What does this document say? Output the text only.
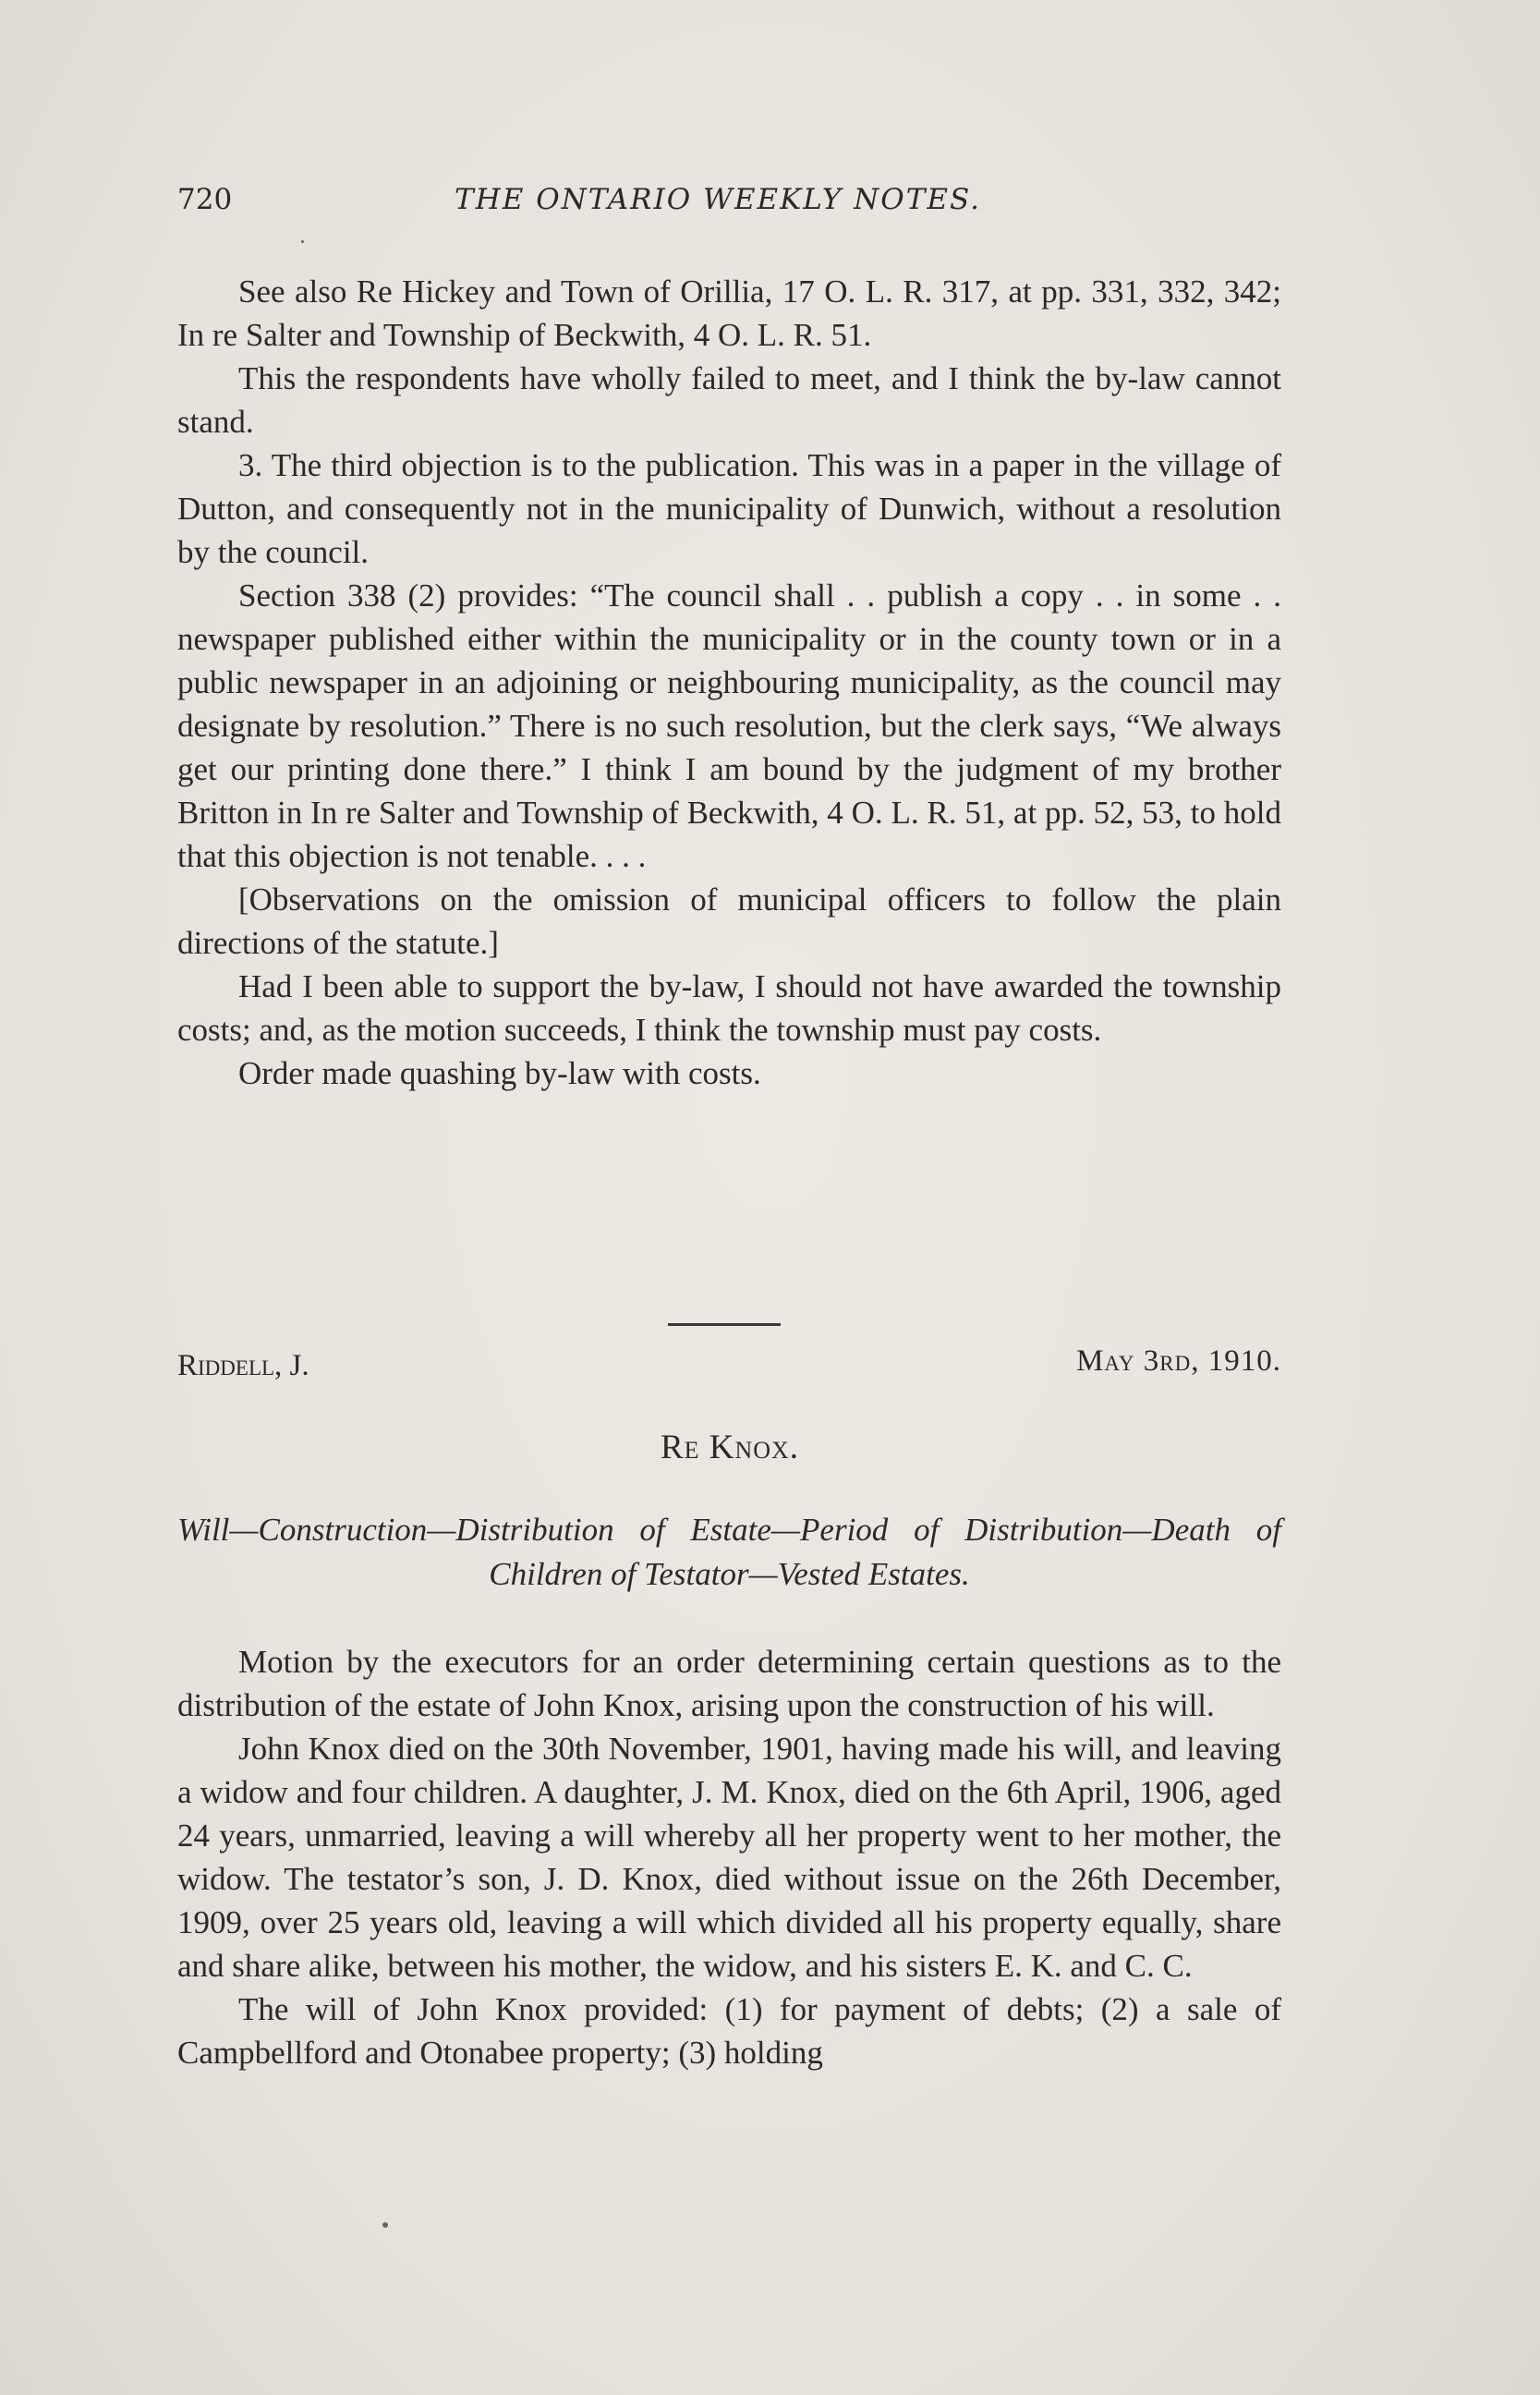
720	THE ONTARIO WEEKLY NOTES.

See also Re Hickey and Town of Orillia, 17 O. L. R. 317, at pp. 331, 332, 342; In re Salter and Township of Beckwith, 4 O. L. R. 51.

This the respondents have wholly failed to meet, and I think the by-law cannot stand.

3. The third objection is to the publication. This was in a paper in the village of Dutton, and consequently not in the municipality of Dunwich, without a resolution by the council.

Section 338 (2) provides: “The council shall . . publish a copy . . in some . . newspaper published either within the municipality or in the county town or in a public newspaper in an adjoining or neighbouring municipality, as the council may designate by resolution.” There is no such resolution, but the clerk says, “We always get our printing done there.” I think I am bound by the judgment of my brother Britton in In re Salter and Township of Beckwith, 4 O. L. R. 51, at pp. 52, 53, to hold that this objection is not tenable. . . .

[Observations on the omission of municipal officers to follow the plain directions of the statute.]

Had I been able to support the by-law, I should not have awarded the township costs; and, as the motion succeeds, I think the township must pay costs.

Order made quashing by-law with costs.

Riddell, J.	May 3rd, 1910.
Re Knox.
Will—Construction—Distribution of Estate—Period of Distribution—Death of Children of Testator—Vested Estates.

Motion by the executors for an order determining certain questions as to the distribution of the estate of John Knox, arising upon the construction of his will.

John Knox died on the 30th November, 1901, having made his will, and leaving a widow and four children. A daughter, J. M. Knox, died on the 6th April, 1906, aged 24 years, unmarried, leaving a will whereby all her property went to her mother, the widow. The testator’s son, J. D. Knox, died without issue on the 26th December, 1909, over 25 years old, leaving a will which divided all his property equally, share and share alike, between his mother, the widow, and his sisters E. K. and C. C.

The will of John Knox provided: (1) for payment of debts; (2) a sale of Campbellford and Otonabee property; (3) holding
